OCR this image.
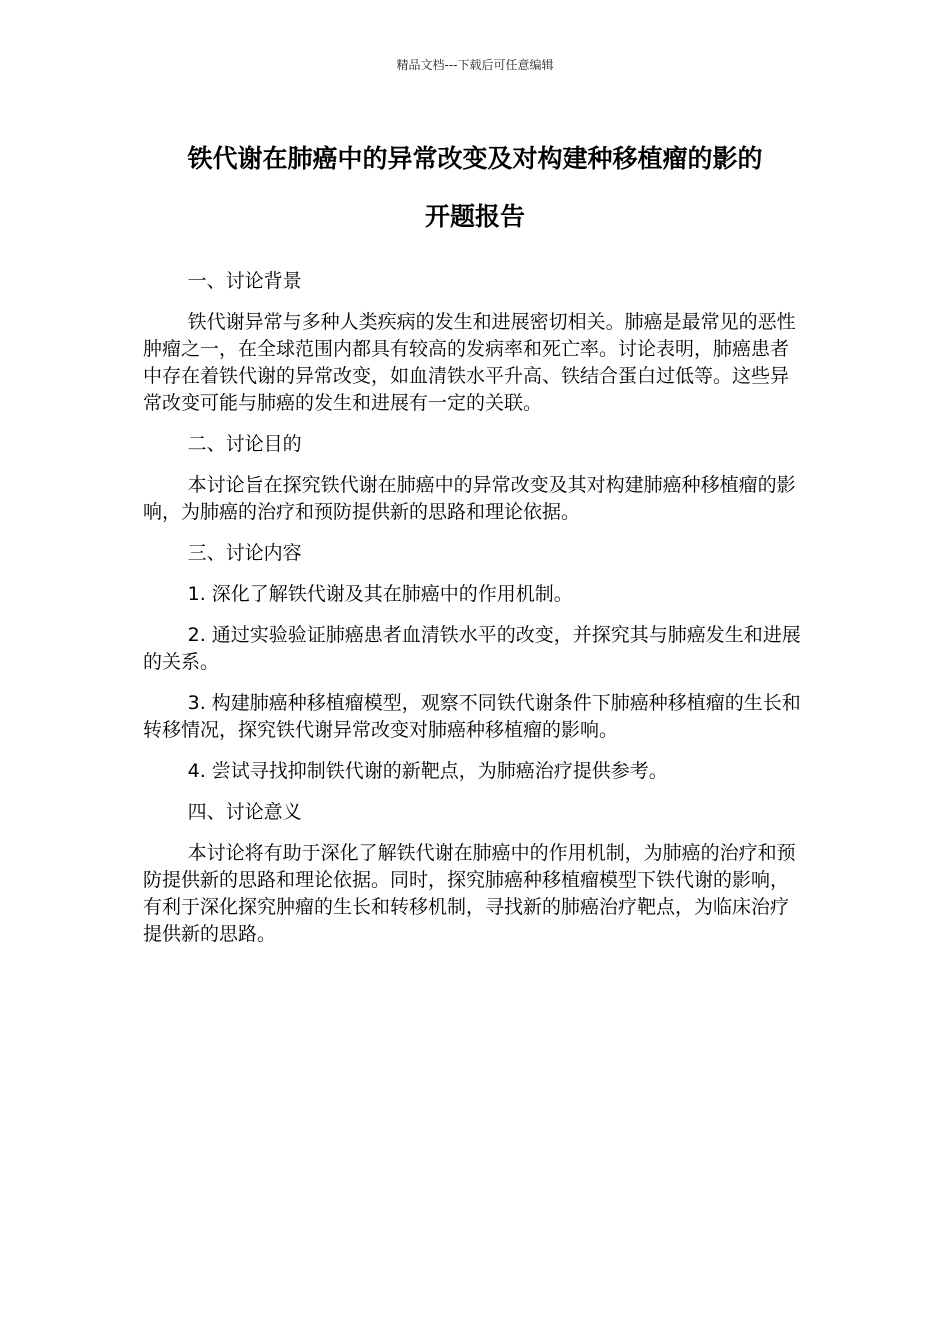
精品文档---下载后可任意编辑
铁代谢在肺癌中的异常改变及对构建种移植瘤的影的
开题报告

一、讨论背景

铁代谢异常与多种人类疾病的发生和进展密切相关。肺癌是最常见的恶性肿瘤之一，在全球范围内都具有较高的发病率和死亡率。讨论表明，肺癌患者中存在着铁代谢的异常改变，如血清铁水平升高、铁结合蛋白过低等。这些异常改变可能与肺癌的发生和进展有一定的关联。

二、讨论目的

本讨论旨在探究铁代谢在肺癌中的异常改变及其对构建肺癌种移植瘤的影响，为肺癌的治疗和预防提供新的思路和理论依据。

三、讨论内容

1. 深化了解铁代谢及其在肺癌中的作用机制。

2. 通过实验验证肺癌患者血清铁水平的改变，并探究其与肺癌发生和进展的关系。

3. 构建肺癌种移植瘤模型，观察不同铁代谢条件下肺癌种移植瘤的生长和转移情况，探究铁代谢异常改变对肺癌种移植瘤的影响。

4. 尝试寻找抑制铁代谢的新靶点，为肺癌治疗提供参考。

四、讨论意义

本讨论将有助于深化了解铁代谢在肺癌中的作用机制，为肺癌的治疗和预防提供新的思路和理论依据。同时，探究肺癌种移植瘤模型下铁代谢的影响，有利于深化探究肿瘤的生长和转移机制，寻找新的肺癌治疗靶点，为临床治疗提供新的思路。
